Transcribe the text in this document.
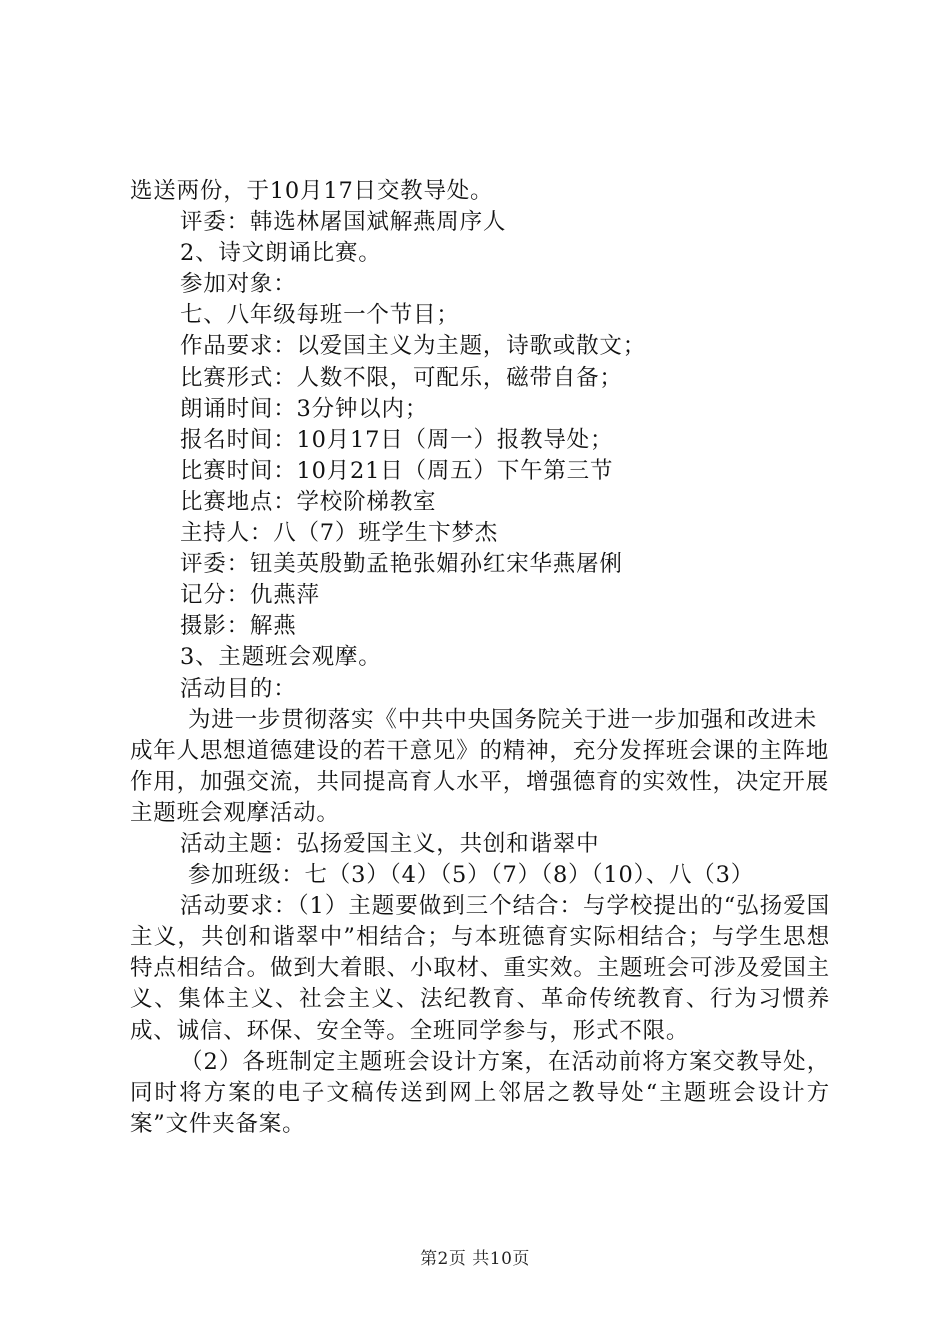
选送两份，于10月17日交教导处。
评委：韩选林屠国斌解燕周序人
2、诗文朗诵比赛。
参加对象：
七、八年级每班一个节目；
作品要求：以爱国主义为主题，诗歌或散文；
比赛形式：人数不限，可配乐，磁带自备；
朗诵时间：3分钟以内；
报名时间：10月17日（周一）报教导处；
比赛时间：10月21日（周五）下午第三节
比赛地点：学校阶梯教室
主持人：八（7）班学生卞梦杰
评委：钮美英殷勤孟艳张媚孙红宋华燕屠俐
记分：仇燕萍
摄影：解燕
3、主题班会观摩。
活动目的：
为进一步贯彻落实《中共中央国务院关于进一步加强和改进未成年人思想道德建设的若干意见》的精神，充分发挥班会课的主阵地作用，加强交流，共同提高育人水平，增强德育的实效性，决定开展主题班会观摩活动。
活动主题：弘扬爱国主义，共创和谐翠中
参加班级：七（3）（4）（5）（7）（8）（10）、八（3）
活动要求：（1）主题要做到三个结合：与学校提出的“弘扬爱国主义，共创和谐翠中”相结合；与本班德育实际相结合；与学生思想特点相结合。做到大着眼、小取材、重实效。主题班会可涉及爱国主义、集体主义、社会主义、法纪教育、革命传统教育、行为习惯养成、诚信、环保、安全等。全班同学参与，形式不限。
（2）各班制定主题班会设计方案，在活动前将方案交教导处，同时将方案的电子文稿传送到网上邻居之教导处“主题班会设计方案”文件夹备案。
第2页 共10页
